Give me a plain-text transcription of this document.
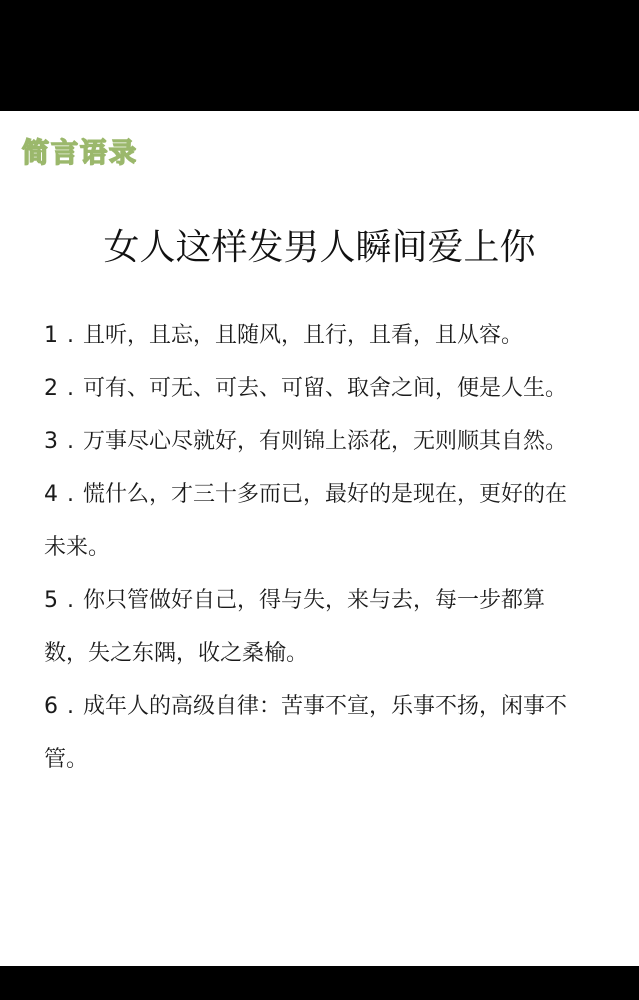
简言语录
女人这样发男人瞬间爱上你
1 . 且听，且忘，且随风，且行，且看，且从容。
2 . 可有、可无、可去、可留、取舍之间，便是人生。
3 . 万事尽心尽就好，有则锦上添花，无则顺其自然。
4 . 慌什么，才三十多而已，最好的是现在，更好的在未来。
5 . 你只管做好自己，得与失，来与去，每一步都算数，失之东隅，收之桑榆。
6 . 成年人的高级自律：苦事不宣，乐事不扬，闲事不管。
